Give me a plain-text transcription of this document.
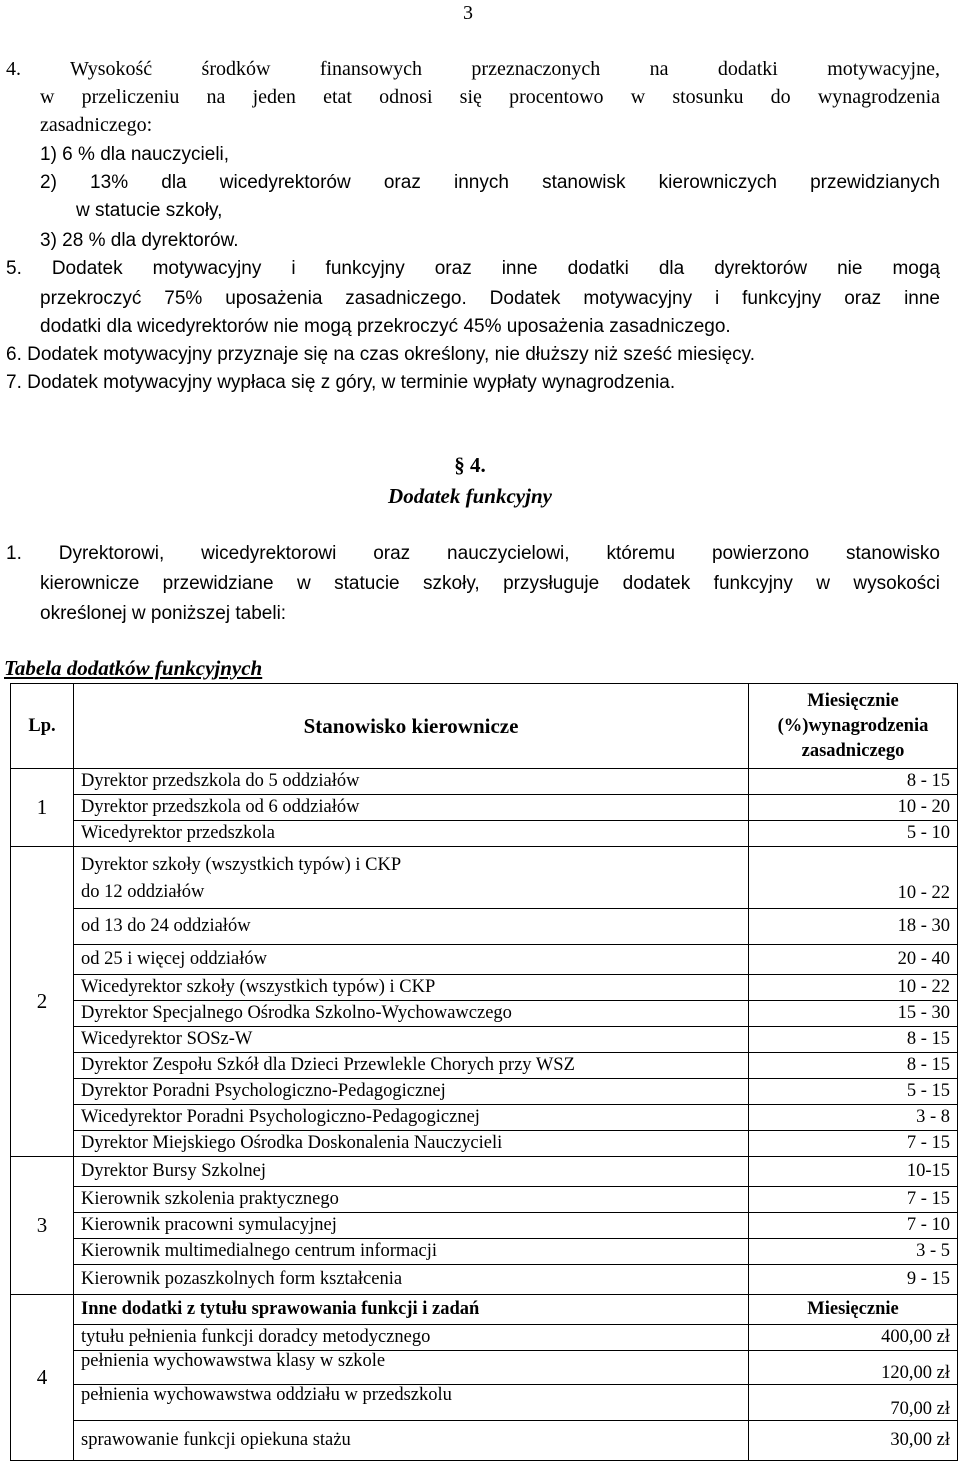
3
4. Wysokość środków finansowych przeznaczonych na dodatki motywacyjne,
w przeliczeniu na jeden etat odnosi się procentowo w stosunku do wynagrodzenia
zasadniczego:
1) 6 % dla nauczycieli,
2) 13% dla wicedyrektorów oraz innych stanowisk kierowniczych przewidzianych
w statucie szkoły,
3) 28 % dla dyrektorów.
5. Dodatek motywacyjny i funkcyjny oraz inne dodatki dla dyrektorów nie mogą
przekroczyć 75% uposażenia zasadniczego. Dodatek motywacyjny i funkcyjny oraz inne
dodatki dla wicedyrektorów nie mogą przekroczyć 45% uposażenia zasadniczego.
6. Dodatek motywacyjny przyznaje się na czas określony, nie dłuższy niż sześć miesięcy.
7. Dodatek motywacyjny wypłaca się z góry, w terminie wypłaty wynagrodzenia.
§ 4.
Dodatek funkcyjny
1. Dyrektorowi, wicedyrektorowi oraz nauczycielowi, któremu powierzono stanowisko
kierownicze przewidziane w statucie szkoły, przysługuje dodatek funkcyjny w wysokości
określonej w poniższej tabeli:
Tabela dodatków funkcyjnych
Lp.	Stanowisko kierownicze	Miesięcznie
(%)wynagrodzenia
zasadniczego

1	Dyrektor przedszkola do 5 oddziałów	8 - 15
	Dyrektor przedszkola od 6 oddziałów	10 - 20
	Wicedyrektor przedszkola	5 - 10
2	Dyrektor szkoły (wszystkich typów) i CKP
do 12 oddziałów	10 - 22
	od 13 do 24 oddziałów	18 - 30
	od 25 i więcej oddziałów	20 - 40
	Wicedyrektor szkoły (wszystkich typów) i CKP	10 - 22
	Dyrektor Specjalnego Ośrodka Szkolno-Wychowawczego	15 - 30
	Wicedyrektor SOSz-W	8 - 15
	Dyrektor Zespołu Szkół dla Dzieci Przewlekle Chorych przy WSZ	8 - 15
	Dyrektor Poradni Psychologiczno-Pedagogicznej	5 - 15
	Wicedyrektor Poradni Psychologiczno-Pedagogicznej	3 - 8
	Dyrektor Miejskiego Ośrodka Doskonalenia Nauczycieli	7 - 15
3	Dyrektor Bursy Szkolnej	10-15
	Kierownik szkolenia praktycznego	7 - 15
	Kierownik pracowni symulacyjnej	7 - 10
	Kierownik multimedialnego centrum informacji	3 - 5
	Kierownik pozaszkolnych form kształcenia	9 - 15
4	Inne dodatki z tytułu sprawowania funkcji i zadań	Miesięcznie
	tytułu pełnienia funkcji doradcy metodycznego	400,00 zł
	pełnienia wychowawstwa klasy w szkole	120,00 zł
	pełnienia wychowawstwa oddziału w przedszkolu	70,00 zł
	sprawowanie funkcji opiekuna stażu	30,00 zł
